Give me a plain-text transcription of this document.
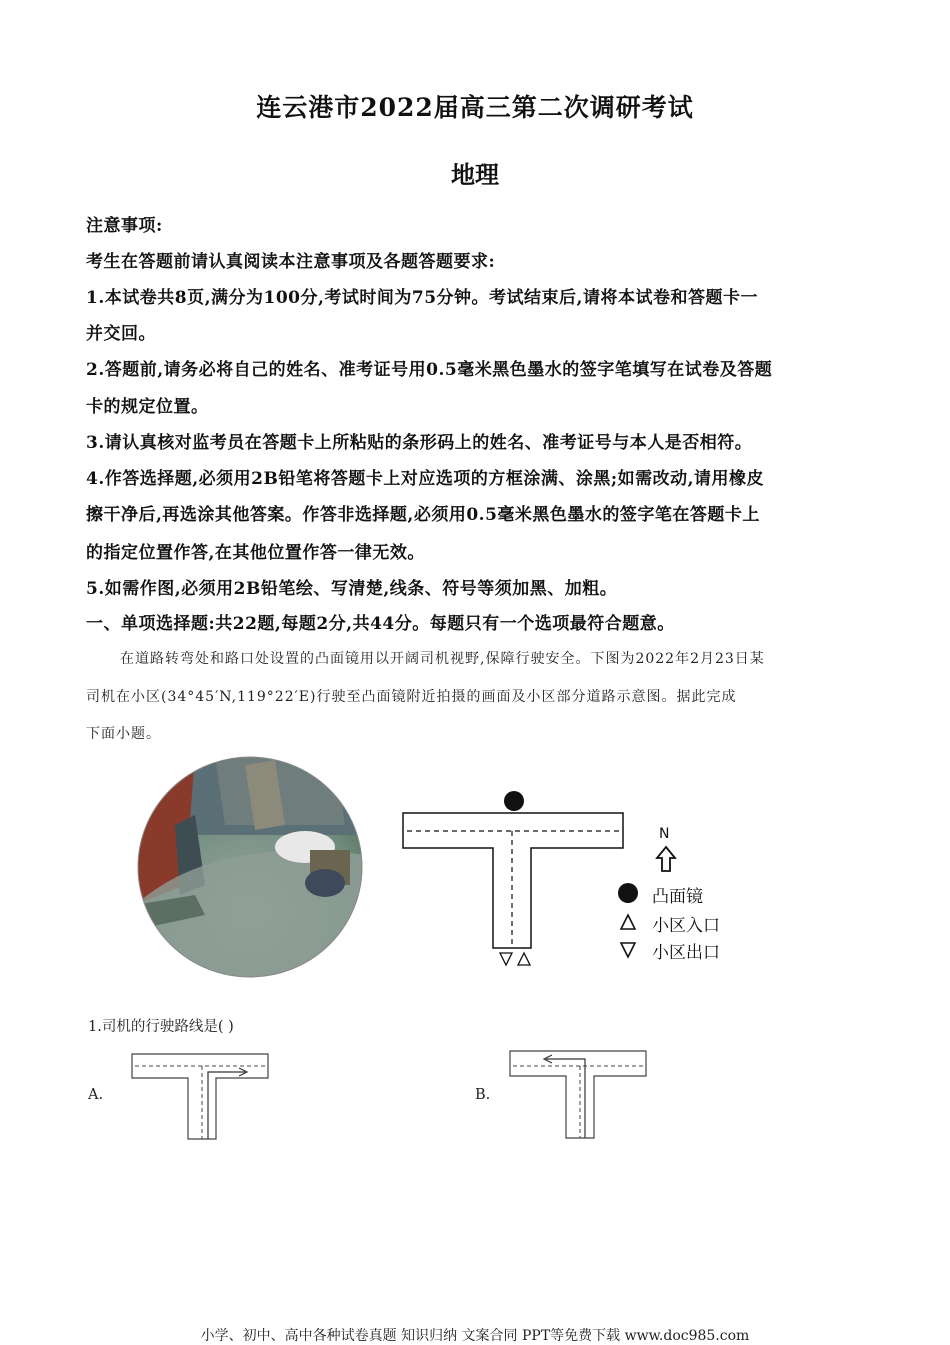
连云港市2022届高三第二次调研考试
地理
注意事项:
考生在答题前请认真阅读本注意事项及各题答题要求:
1.本试卷共8页,满分为100分,考试时间为75分钟。考试结束后,请将本试卷和答题卡一
并交回。
2.答题前,请务必将自己的姓名、准考证号用0.5毫米黑色墨水的签字笔填写在试卷及答题
卡的规定位置。
3.请认真核对监考员在答题卡上所粘贴的条形码上的姓名、准考证号与本人是否相符。
4.作答选择题,必须用2B铅笔将答题卡上对应选项的方框涂满、涂黑;如需改动,请用橡皮
擦干净后,再选涂其他答案。作答非选择题,必须用0.5毫米黑色墨水的签字笔在答题卡上
的指定位置作答,在其他位置作答一律无效。
5.如需作图,必须用2B铅笔绘、写清楚,线条、符号等须加黑、加粗。
一、单项选择题:共22题,每题2分,共44分。每题只有一个选项最符合题意。
在道路转弯处和路口处设置的凸面镜用以开阔司机视野,保障行驶安全。下图为2022年2月23日某
司机在小区(34°45′N,119°22′E)行驶至凸面镜附近拍摄的画面及小区部分道路示意图。据此完成
下面小题。
N
凸面镜
小区入口
小区出口
1.司机的行驶路线是( )
A.	B.
小学、初中、高中各种试卷真题 知识归纳 文案合同 PPT等免费下载 www.doc985.com
